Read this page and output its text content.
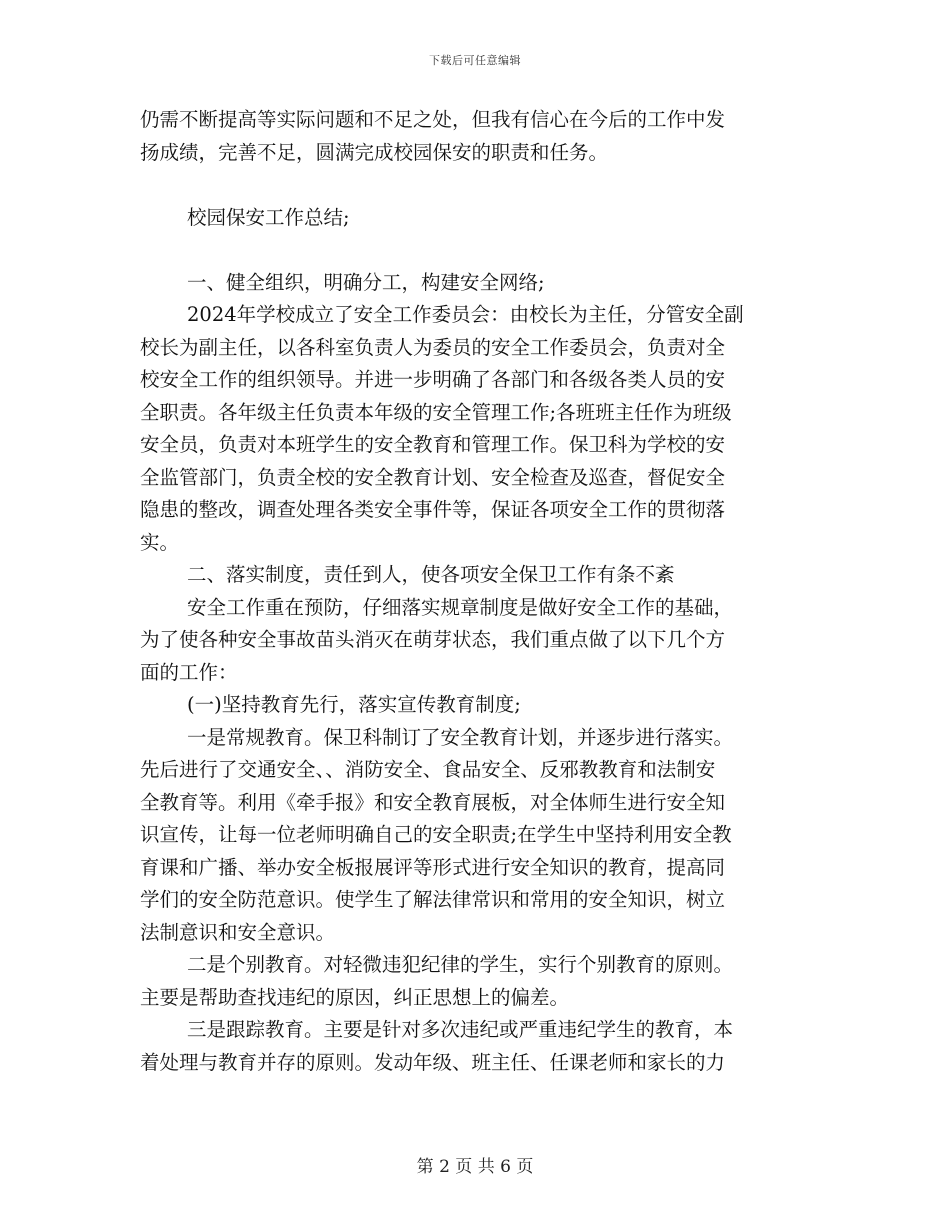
下载后可任意编辑
仍需不断提高等实际问题和不足之处，但我有信心在今后的工作中发
扬成绩，完善不足，圆满完成校园保安的职责和任务。
校园保安工作总结;
一、健全组织，明确分工，构建安全网络;
2024年学校成立了安全工作委员会：由校长为主任，分管安全副
校长为副主任，以各科室负责人为委员的安全工作委员会，负责对全
校安全工作的组织领导。并进一步明确了各部门和各级各类人员的安
全职责。各年级主任负责本年级的安全管理工作;各班班主任作为班级
安全员，负责对本班学生的安全教育和管理工作。保卫科为学校的安
全监管部门，负责全校的安全教育计划、安全检查及巡查，督促安全
隐患的整改，调查处理各类安全事件等，保证各项安全工作的贯彻落
实。
二、落实制度，责任到人，使各项安全保卫工作有条不紊
安全工作重在预防，仔细落实规章制度是做好安全工作的基础，
为了使各种安全事故苗头消灭在萌芽状态，我们重点做了以下几个方
面的工作：
(一)坚持教育先行，落实宣传教育制度;
一是常规教育。保卫科制订了安全教育计划，并逐步进行落实。
先后进行了交通安全、、消防安全、食品安全、反邪教教育和法制安
全教育等。利用《牵手报》和安全教育展板，对全体师生进行安全知
识宣传，让每一位老师明确自己的安全职责;在学生中坚持利用安全教
育课和广播、举办安全板报展评等形式进行安全知识的教育，提高同
学们的安全防范意识。使学生了解法律常识和常用的安全知识，树立
法制意识和安全意识。
二是个别教育。对轻微违犯纪律的学生，实行个别教育的原则。
主要是帮助查找违纪的原因，纠正思想上的偏差。
三是跟踪教育。主要是针对多次违纪或严重违纪学生的教育，本
着处理与教育并存的原则。发动年级、班主任、任课老师和家长的力
第 2 页 共 6 页
